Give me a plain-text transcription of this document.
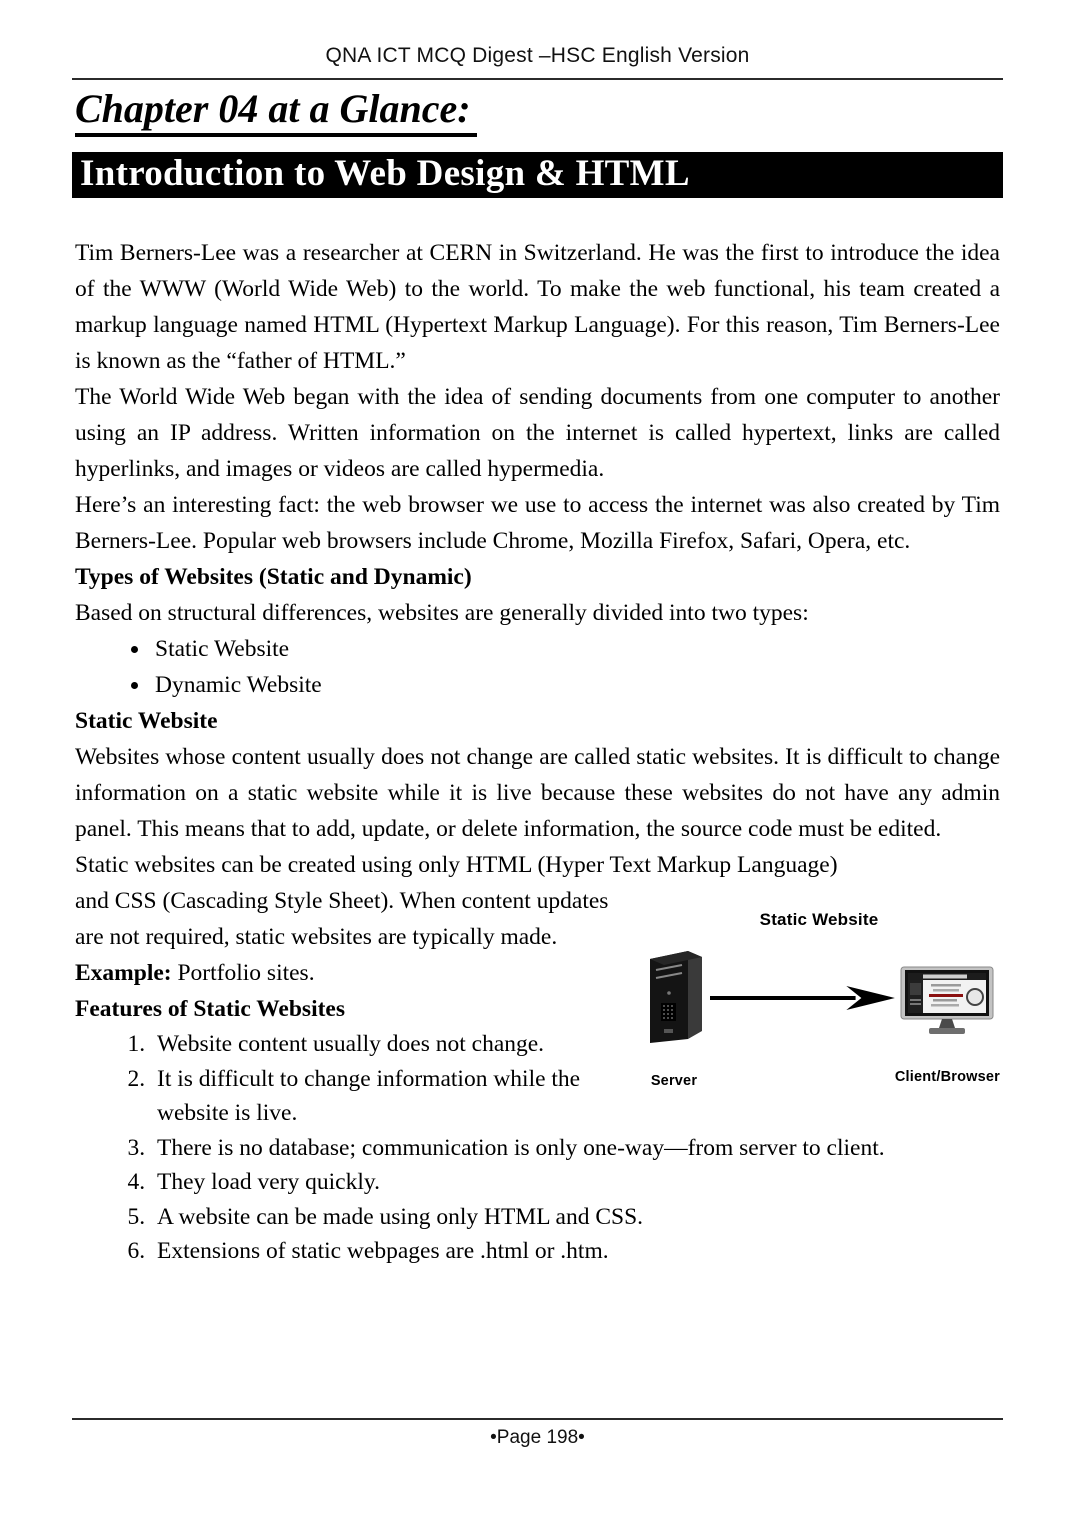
QNA ICT MCQ Digest –HSC English Version
Chapter 04 at a Glance:
Introduction to Web Design & HTML

Tim Berners-Lee was a researcher at CERN in Switzerland. He was the first to introduce the idea of the WWW (World Wide Web) to the world. To make the web functional, his team created a markup language named HTML (Hypertext Markup Language). For this reason, Tim Berners-Lee is known as the “father of HTML.”

The World Wide Web began with the idea of sending documents from one computer to another using an IP address. Written information on the internet is called hypertext, links are called hyperlinks, and images or videos are called hypermedia.

Here’s an interesting fact: the web browser we use to access the internet was also created by Tim Berners-Lee. Popular web browsers include Chrome, Mozilla Firefox, Safari, Opera, etc.

Types of Websites (Static and Dynamic)

Based on structural differences, websites are generally divided into two types:

• Static Website
• Dynamic Website
Static Website

Websites whose content usually does not change are called static websites. It is difficult to change information on a static website while it is live because these websites do not have any admin panel. This means that to add, update, or delete information, the source code must be edited.

Static websites can be created using only HTML (Hyper Text Markup Language)

Static Website
Server	Client/Browser

and CSS (Cascading Style Sheet). When content updates are not required, static websites are typically made.

Example: Portfolio sites.

Features of Static Websites
1. Website content usually does not change.
2. It is difficult to change information while the website is live.
3. There is no database; communication is only one-way—from server to client.
4. They load very quickly.
5. A website can be made using only HTML and CSS.
6. Extensions of static webpages are .html or .htm.
•Page 198•
